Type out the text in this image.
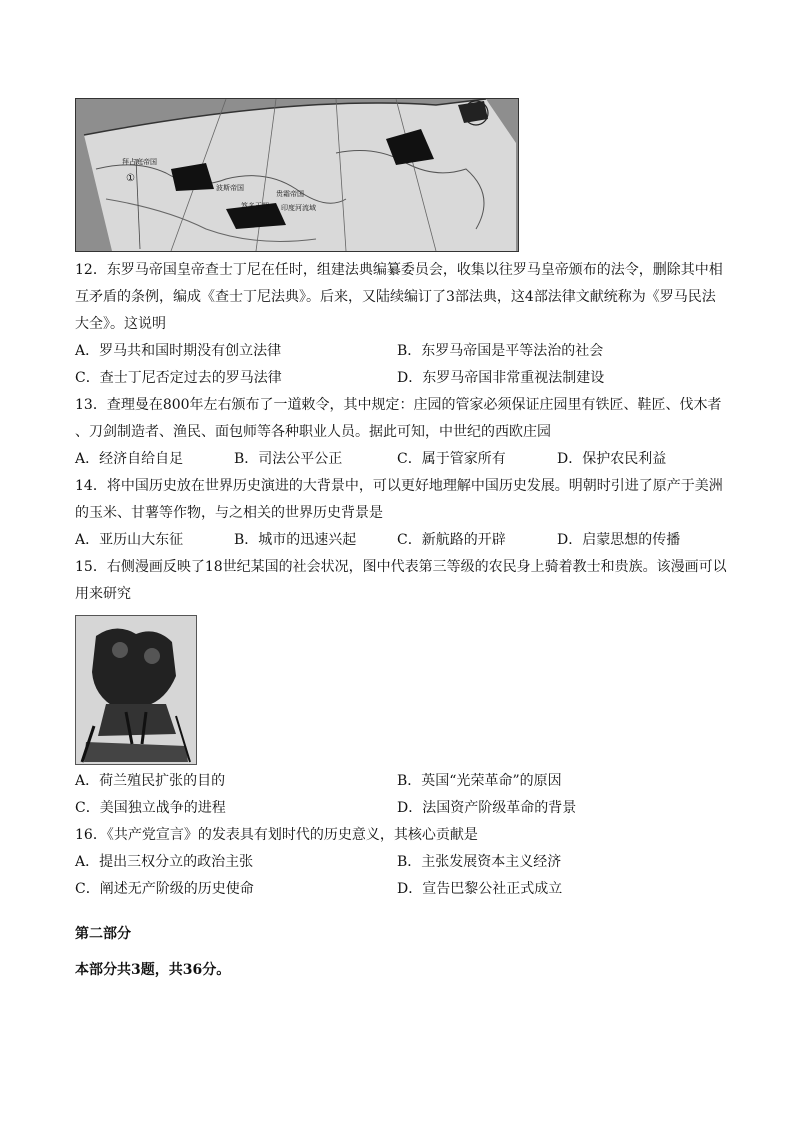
①
拜占庭帝国
波斯帝国
贵霜帝国
笈多王朝 印度河流域
12．东罗马帝国皇帝查士丁尼在任时，组建法典编纂委员会，收集以往罗马皇帝颁布的法令，删除其中相
互矛盾的条例，编成《查士丁尼法典》。后来，又陆续编订了3部法典，这4部法律文献统称为《罗马民法
大全》。这说明
A．罗马共和国时期没有创立法律	B．东罗马帝国是平等法治的社会
C．查士丁尼否定过去的罗马法律	D．东罗马帝国非常重视法制建设
13．查理曼在800年左右颁布了一道敕令，其中规定：庄园的管家必须保证庄园里有铁匠、鞋匠、伐木者
、刀剑制造者、渔民、面包师等各种职业人员。据此可知，中世纪的西欧庄园
A．经济自给自足	B．司法公平公正	C．属于管家所有	D．保护农民利益
14．将中国历史放在世界历史演进的大背景中，可以更好地理解中国历史发展。明朝时引进了原产于美洲
的玉米、甘薯等作物，与之相关的世界历史背景是
A．亚历山大东征	B．城市的迅速兴起	C．新航路的开辟	D．启蒙思想的传播
15．右侧漫画反映了18世纪某国的社会状况，图中代表第三等级的农民身上骑着教士和贵族。该漫画可以
用来研究
A．荷兰殖民扩张的目的	B．英国“光荣革命”的原因
C．美国独立战争的进程	D．法国资产阶级革命的背景
16．《共产党宣言》的发表具有划时代的历史意义，其核心贡献是
A．提出三权分立的政治主张	B．主张发展资本主义经济
C．阐述无产阶级的历史使命	D．宣告巴黎公社正式成立
第二部分
本部分共3题，共36分。
